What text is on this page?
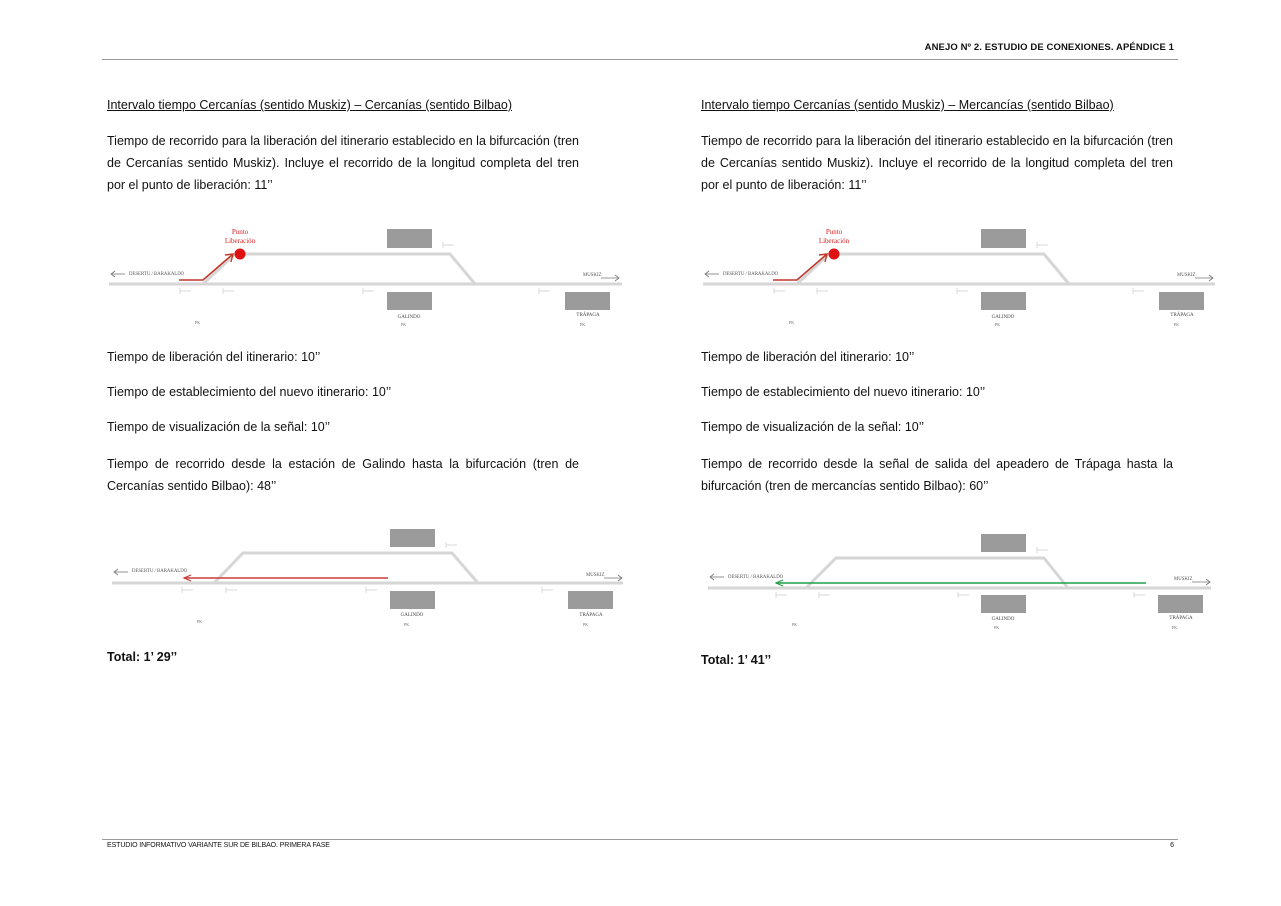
ANEJO Nº 2. ESTUDIO DE CONEXIONES. APÉNDICE 1
Intervalo tiempo Cercanías (sentido Muskiz) – Cercanías (sentido Bilbao)

Tiempo de recorrido para la liberación del itinerario establecido en la bifurcación (tren de Cercanías sentido Muskiz). Incluye el recorrido de la longitud completa del tren por el punto de liberación: 11’’

DESERTU / BARAKALDO	MUSKIZ
Punto
Liberación
GALINDO	TRÁPAGA
PK	PK	PK

Tiempo de liberación del itinerario: 10’’

Tiempo de establecimiento del nuevo itinerario: 10’’

Tiempo de visualización de la señal: 10’’

Tiempo de recorrido desde la estación de Galindo hasta la bifurcación (tren de Cercanías sentido Bilbao): 48’’

DESERTU / BARAKALDO
MUSKIZ
GALINDO	TRÁPAGA
PK
PK	PK
Total: 1’ 29’’
Intervalo tiempo Cercanías (sentido Muskiz) – Mercancías (sentido Bilbao)

Tiempo de recorrido para la liberación del itinerario establecido en la bifurcación (tren de Cercanías sentido Muskiz). Incluye el recorrido de la longitud completa del tren por el punto de liberación: 11’’

DESERTU / BARAKALDO	MUSKIZ
Punto
Liberación
GALINDO	TRÁPAGA
PK	PK	PK

Tiempo de liberación del itinerario: 10’’

Tiempo de establecimiento del nuevo itinerario: 10’’

Tiempo de visualización de la señal: 10’’

Tiempo de recorrido desde la señal de salida del apeadero de Trápaga hasta la bifurcación (tren de mercancías sentido Bilbao): 60’’

DESERTU / BARAKALDO	MUSKIZ
GALINDO	TRÁPAGA
PK
PK	PK
Total: 1’ 41’’
ESTUDIO INFORMATIVO VARIANTE SUR DE BILBAO. PRIMERA FASE	6
